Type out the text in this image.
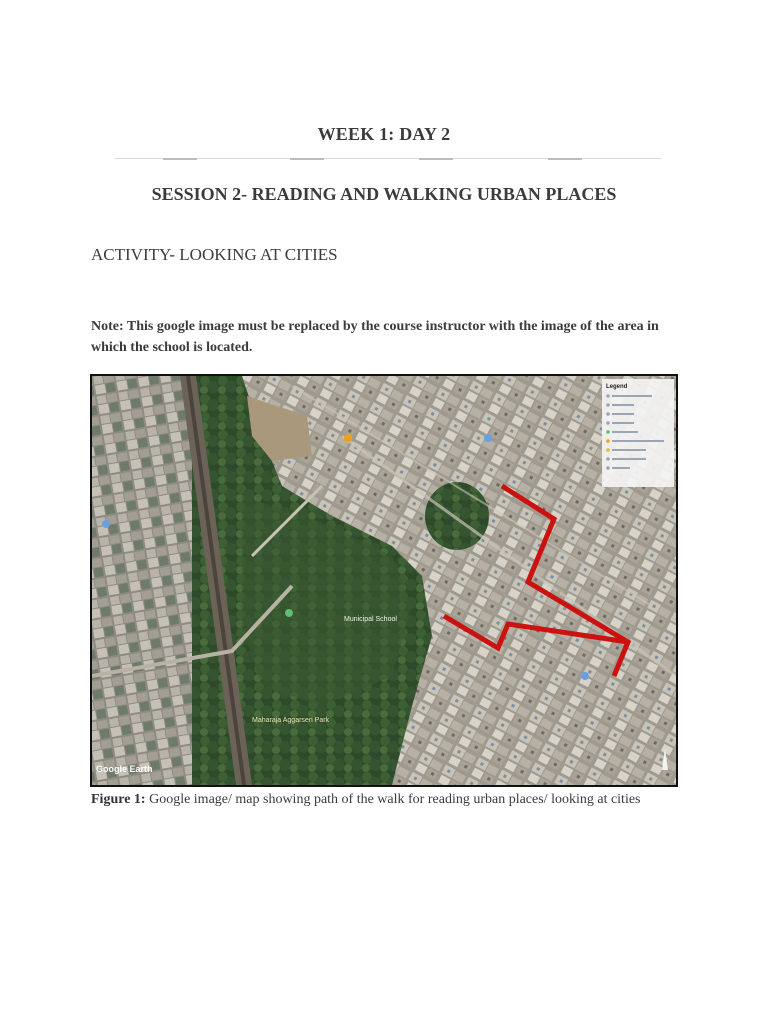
WEEK 1: DAY 2
SESSION 2- READING AND WALKING URBAN PLACES
ACTIVITY- LOOKING AT CITIES
Note: This google image must be replaced by the course instructor with the image of the area in which the school is located.
Legend
Maharaja Aggarsen Park
Municipal School
Google Earth
Figure 1: Google image/ map showing path of the walk for reading urban places/ looking at cities
